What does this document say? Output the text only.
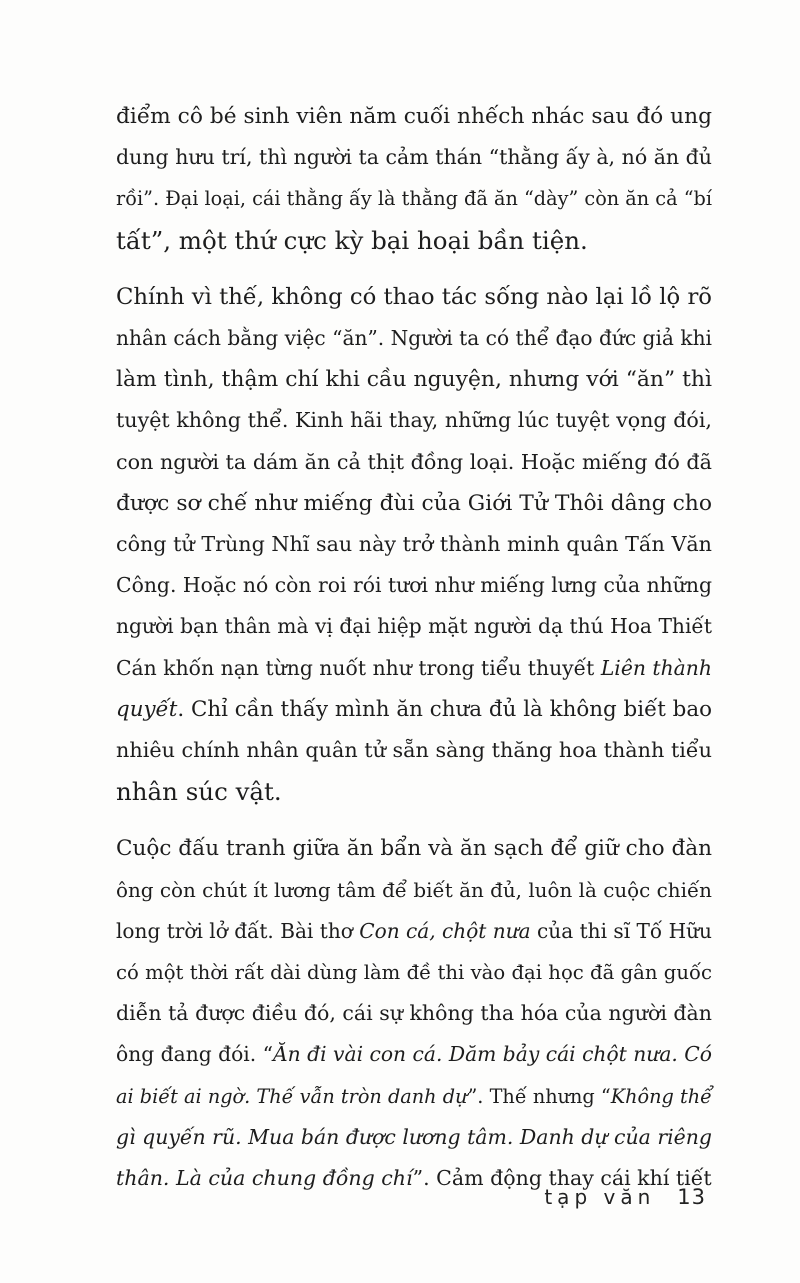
điểm cô bé sinh viên năm cuối nhếch nhác sau đó ung
dung hưu trí, thì người ta cảm thán “thằng ấy à, nó ăn đủ
rồi”. Đại loại, cái thằng ấy là thằng đã ăn “dày” còn ăn cả “bí
tất”, một thứ cực kỳ bại hoại bần tiện.
Chính vì thế, không có thao tác sống nào lại lồ lộ rõ
nhân cách bằng việc “ăn”. Người ta có thể đạo đức giả khi
làm tình, thậm chí khi cầu nguyện, nhưng với “ăn” thì
tuyệt không thể. Kinh hãi thay, những lúc tuyệt vọng đói,
con người ta dám ăn cả thịt đồng loại. Hoặc miếng đó đã
được sơ chế như miếng đùi của Giới Tử Thôi dâng cho
công tử Trùng Nhĩ sau này trở thành minh quân Tấn Văn
Công. Hoặc nó còn roi rói tươi như miếng lưng của những
người bạn thân mà vị đại hiệp mặt người dạ thú Hoa Thiết
Cán khốn nạn từng nuốt như trong tiểu thuyết Liên thành
quyết. Chỉ cần thấy mình ăn chưa đủ là không biết bao
nhiêu chính nhân quân tử sẵn sàng thăng hoa thành tiểu
nhân súc vật.
Cuộc đấu tranh giữa ăn bẩn và ăn sạch để giữ cho đàn
ông còn chút ít lương tâm để biết ăn đủ, luôn là cuộc chiến
long trời lở đất. Bài thơ Con cá, chột nưa của thi sĩ Tố Hữu
có một thời rất dài dùng làm đề thi vào đại học đã gân guốc
diễn tả được điều đó, cái sự không tha hóa của người đàn
ông đang đói. “Ăn đi vài con cá. Dăm bảy cái chột nưa. Có
ai biết ai ngờ. Thế vẫn tròn danh dự”. Thế nhưng “Không thể
gì quyến rũ. Mua bán được lương tâm. Danh dự của riêng
thân. Là của chung đồng chí”. Cảm động thay cái khí tiết
tạp văn 13
